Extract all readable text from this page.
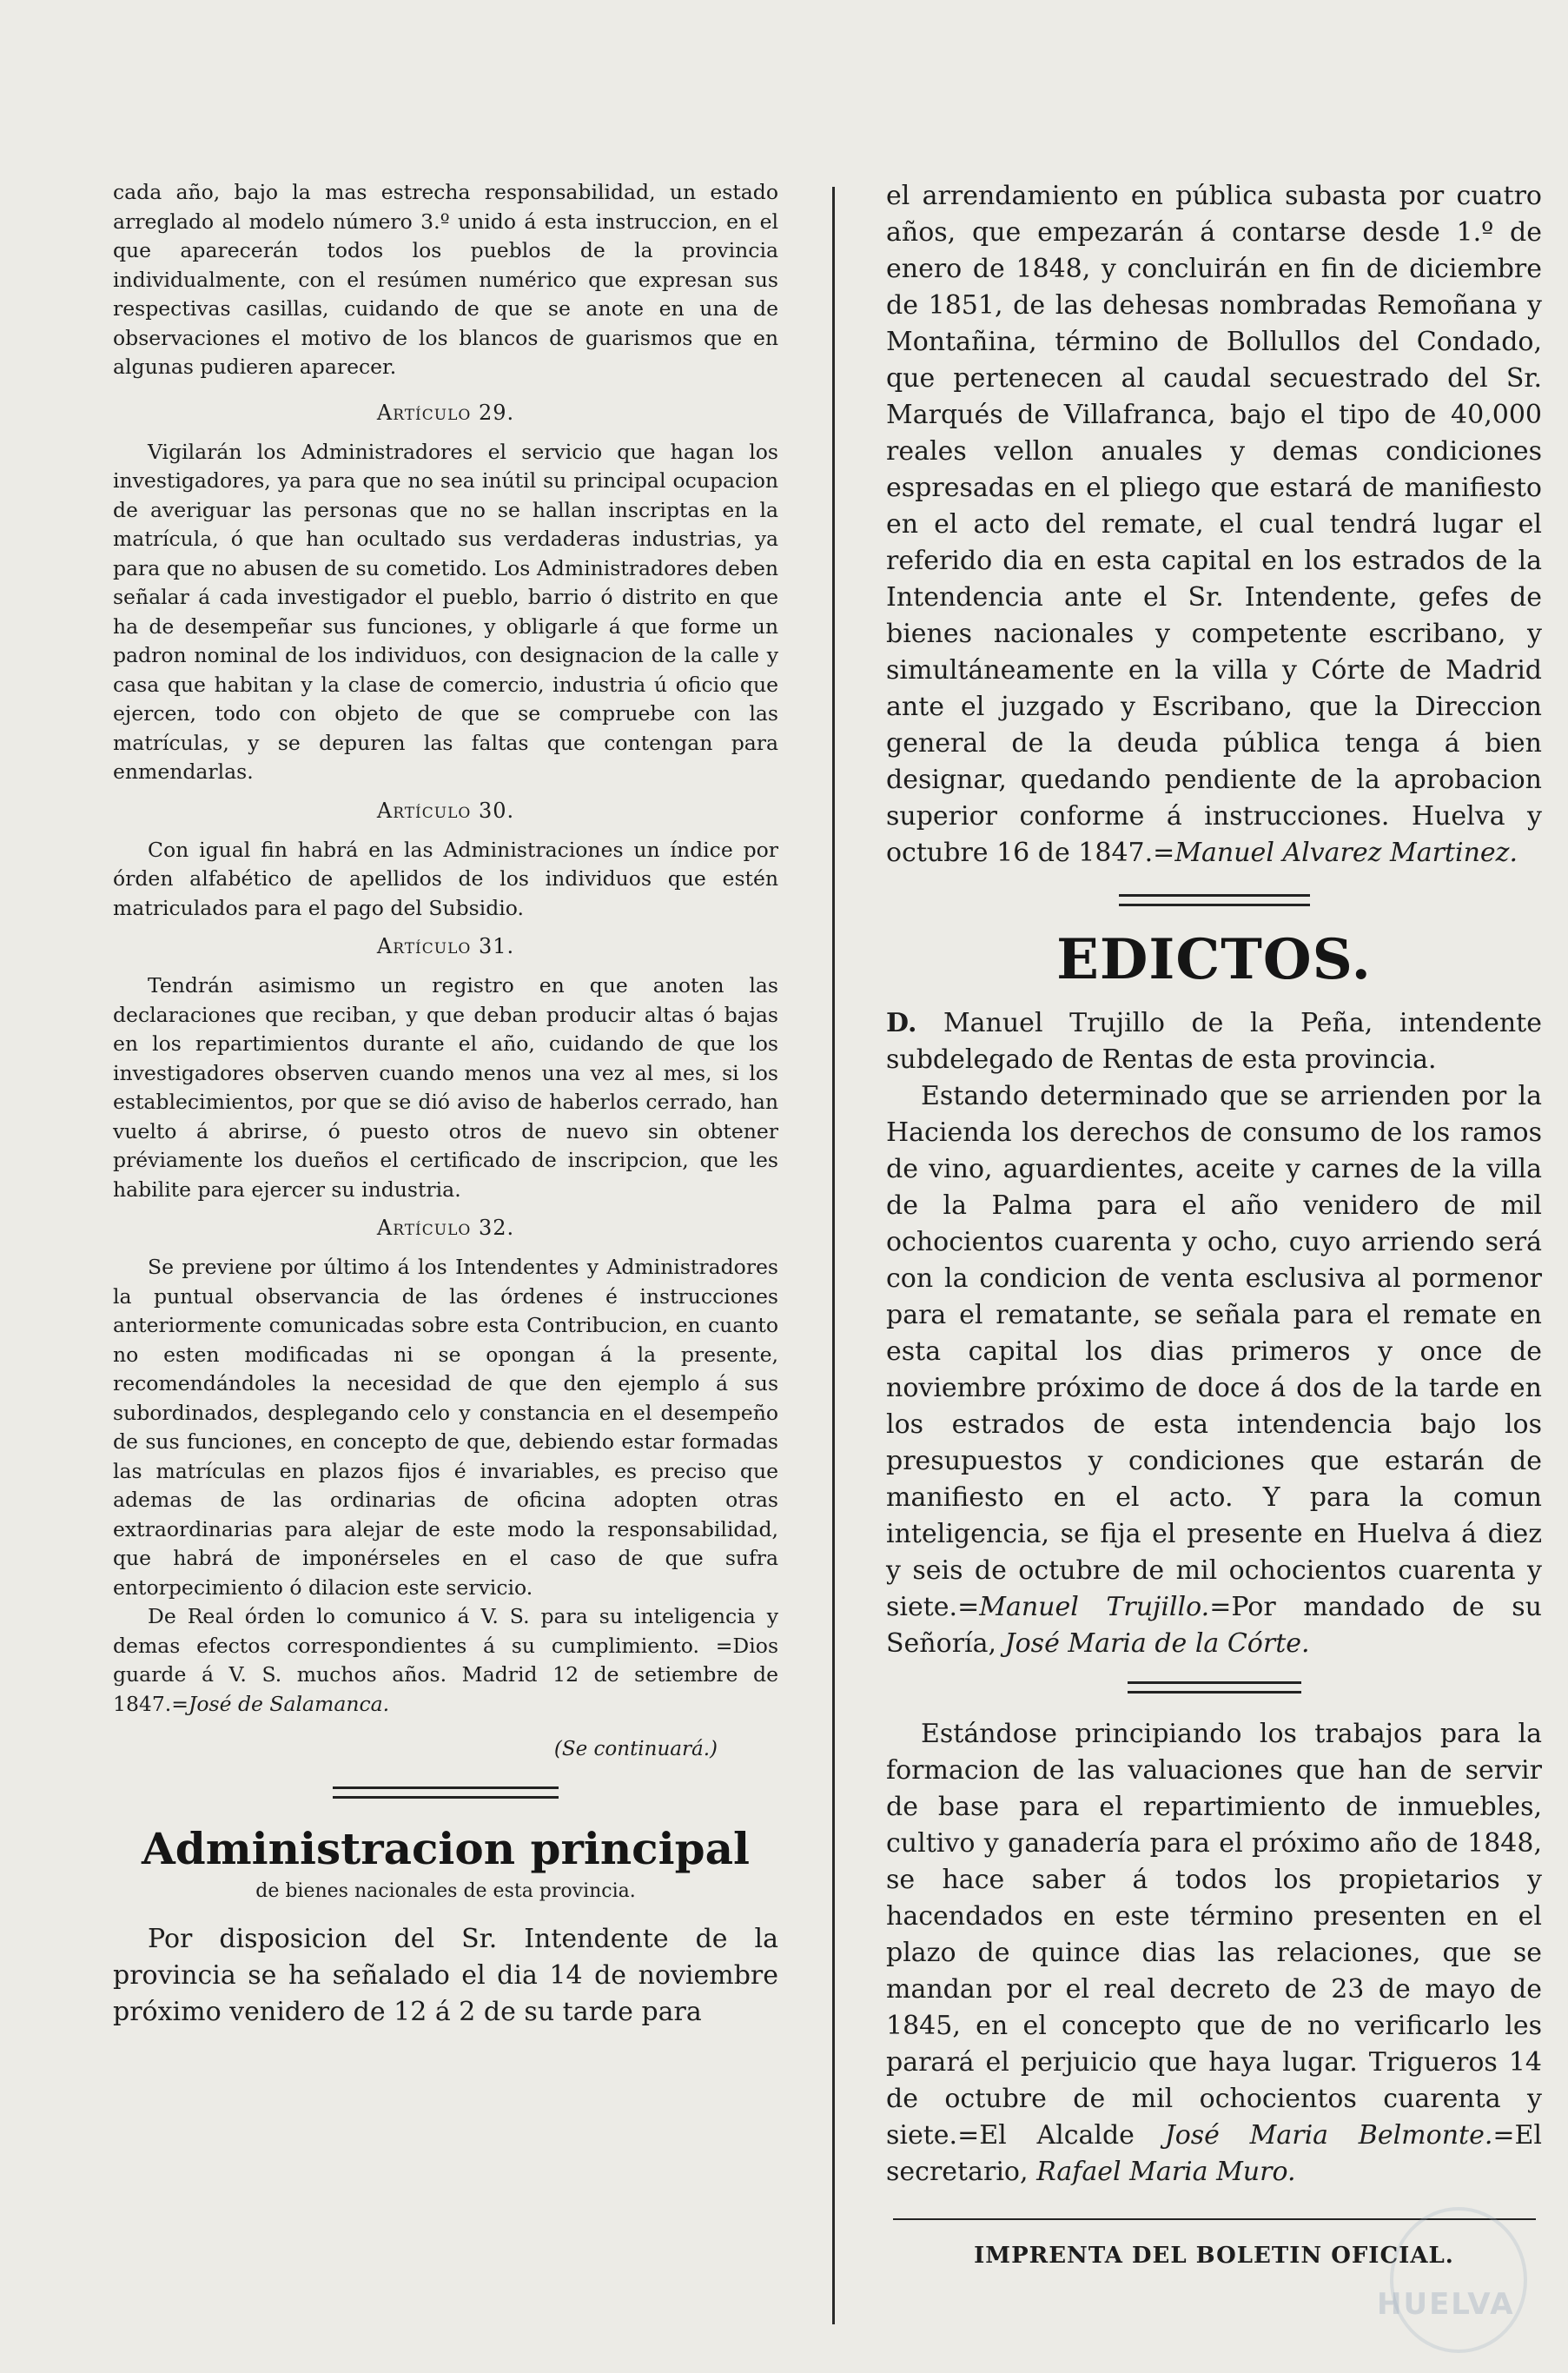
cada año, bajo la mas estrecha responsabilidad, un estado arreglado al modelo número 3.º unido á esta instruccion, en el que aparecerán todos los pueblos de la provincia individualmente, con el resúmen numérico que expresan sus respectivas casillas, cuidando de que se anote en una de observaciones el motivo de los blancos de guarismos que en algunas pudieren aparecer.

Artículo 29.

Vigilarán los Administradores el servicio que hagan los investigadores, ya para que no sea inútil su principal ocupacion de averiguar las personas que no se hallan inscriptas en la matrícula, ó que han ocultado sus verdaderas industrias, ya para que no abusen de su cometido. Los Administradores deben señalar á cada investigador el pueblo, barrio ó distrito en que ha de desempeñar sus funciones, y obligarle á que forme un padron nominal de los individuos, con designacion de la calle y casa que habitan y la clase de comercio, industria ú oficio que ejercen, todo con objeto de que se compruebe con las matrículas, y se depuren las faltas que contengan para enmendarlas.

Artículo 30.

Con igual fin habrá en las Administraciones un índice por órden alfabético de apellidos de los individuos que estén matriculados para el pago del Subsidio.

Artículo 31.

Tendrán asimismo un registro en que anoten las declaraciones que reciban, y que deban producir altas ó bajas en los repartimientos durante el año, cuidando de que los investigadores observen cuando menos una vez al mes, si los establecimientos, por que se dió aviso de haberlos cerrado, han vuelto á abrirse, ó puesto otros de nuevo sin obtener préviamente los dueños el certificado de inscripcion, que les habilite para ejercer su industria.

Artículo 32.

Se previene por último á los Intendentes y Administradores la puntual observancia de las órdenes é instrucciones anteriormente comunicadas sobre esta Contribucion, en cuanto no esten modificadas ni se opongan á la presente, recomendándoles la necesidad de que den ejemplo á sus subordinados, desplegando celo y constancia en el desempeño de sus funciones, en concepto de que, debiendo estar formadas las matrículas en plazos fijos é invariables, es preciso que ademas de las ordinarias de oficina adopten otras extraordinarias para alejar de este modo la responsabilidad, que habrá de imponérseles en el caso de que sufra entorpecimiento ó dilacion este servicio.

De Real órden lo comunico á V. S. para su inteligencia y demas efectos correspondientes á su cumplimiento. =Dios guarde á V. S. muchos años. Madrid 12 de setiembre de 1847.=José de Salamanca.

(Se continuará.)
Administracion principal
de bienes nacionales de esta provincia.

Por disposicion del Sr. Intendente de la provincia se ha señalado el dia 14 de noviembre próximo venidero de 12 á 2 de su tarde para

el arrendamiento en pública subasta por cuatro años, que empezarán á contarse desde 1.º de enero de 1848, y concluirán en fin de diciembre de 1851, de las dehesas nombradas Remoñana y Montañina, término de Bollullos del Condado, que pertenecen al caudal secuestrado del Sr. Marqués de Villafranca, bajo el tipo de 40,000 reales vellon anuales y demas condiciones espresadas en el pliego que estará de manifiesto en el acto del remate, el cual tendrá lugar el referido dia en esta capital en los estrados de la Intendencia ante el Sr. Intendente, gefes de bienes nacionales y competente escribano, y simultáneamente en la villa y Córte de Madrid ante el juzgado y Escribano, que la Direccion general de la deuda pública tenga á bien designar, quedando pendiente de la aprobacion superior conforme á instrucciones. Huelva y octubre 16 de 1847.=Manuel Alvarez Martinez.

EDICTOS.

D. Manuel Trujillo de la Peña, intendente subdelegado de Rentas de esta provincia.

Estando determinado que se arrienden por la Hacienda los derechos de consumo de los ramos de vino, aguardientes, aceite y carnes de la villa de la Palma para el año venidero de mil ochocientos cuarenta y ocho, cuyo arriendo será con la condicion de venta esclusiva al pormenor para el rematante, se señala para el remate en esta capital los dias primeros y once de noviembre próximo de doce á dos de la tarde en los estrados de esta intendencia bajo los presupuestos y condiciones que estarán de manifiesto en el acto. Y para la comun inteligencia, se fija el presente en Huelva á diez y seis de octubre de mil ochocientos cuarenta y siete.=Manuel Trujillo.=Por mandado de su Señoría, José Maria de la Córte.

Estándose principiando los trabajos para la formacion de las valuaciones que han de servir de base para el repartimiento de inmuebles, cultivo y ganadería para el próximo año de 1848, se hace saber á todos los propietarios y hacendados en este término presenten en el plazo de quince dias las relaciones, que se mandan por el real decreto de 23 de mayo de 1845, en el concepto que de no verificarlo les parará el perjuicio que haya lugar. Trigueros 14 de octubre de mil ochocientos cuarenta y siete.=El Alcalde José Maria Belmonte.=El secretario, Rafael Maria Muro.

IMPRENTA DEL BOLETIN OFICIAL.
HUELVA
